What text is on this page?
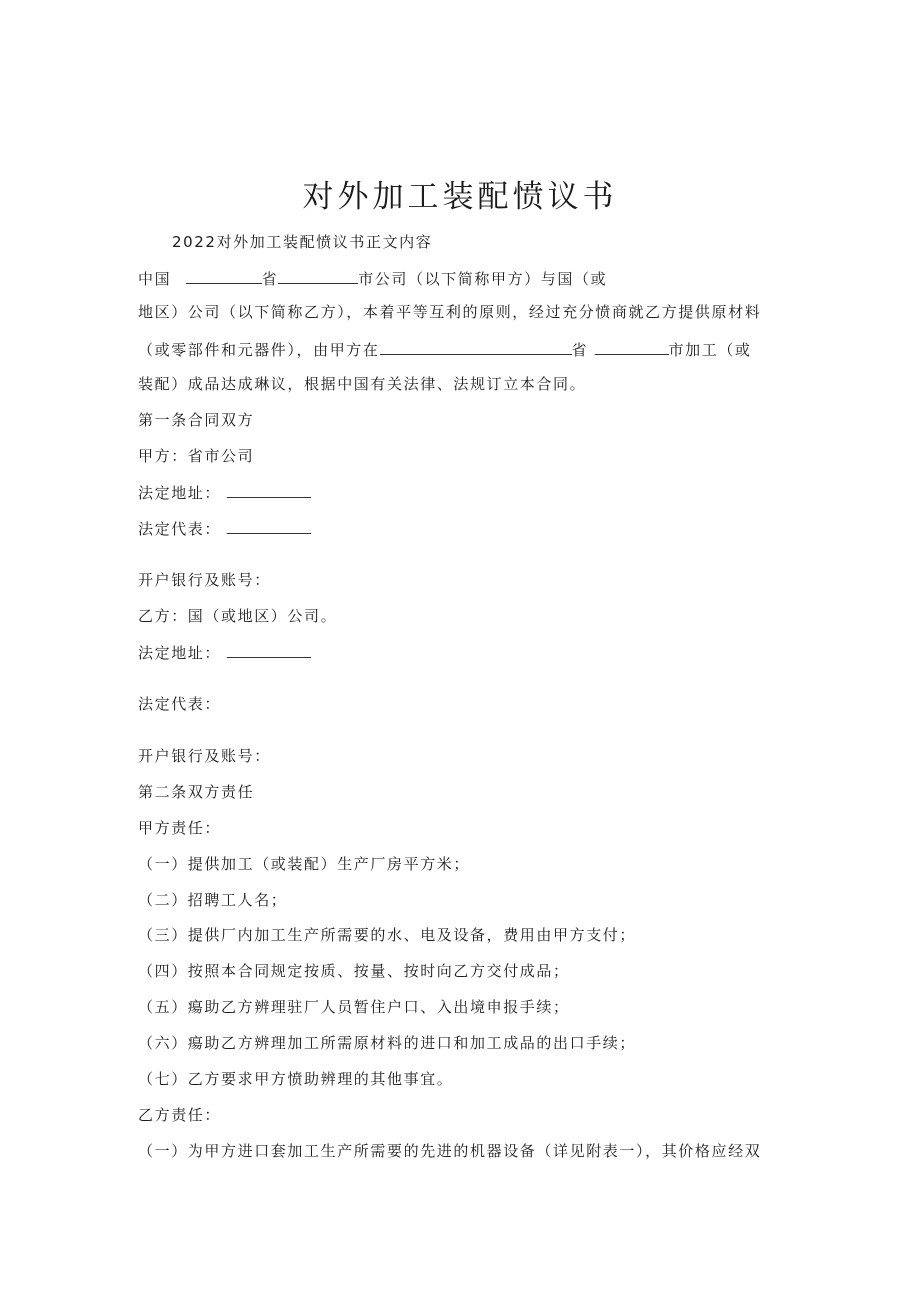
对外加工装配愤议书
2022对外加工装配愤议书正文内容
中国	省	市公司（以下简称甲方）与国（或
地区）公司（以下简称乙方），本着平等互利的原则，经过充分愤商就乙方提供原材料
（或零部件和元器件），由甲方在	省	市加工（或
装配）成品达成琳议，根据中国有关法律、法规订立本合同。
第一条合同双方
甲方：省市公司
法定地址：
法定代表：
开户银行及账号：
乙方：国（或地区）公司。
法定地址：
法定代表：
开户银行及账号：
第二条双方责任
甲方责任：
（一）提供加工（或装配）生产厂房平方米；
（二）招聘工人名；
（三）提供厂内加工生产所需要的水、电及设备，费用由甲方支付；
（四）按照本合同规定按质、按量、按时向乙方交付成品；
（五）瘍助乙方辨理驻厂人员暂住户口、入出境申报手续；
（六）瘍助乙方辨理加工所需原材料的进口和加工成品的出口手续；
（七）乙方要求甲方愤助辨理的其他事宜。
乙方责任：
（一）为甲方进口套加工生产所需要的先进的机器设备（详见附表一），其价格应经双
